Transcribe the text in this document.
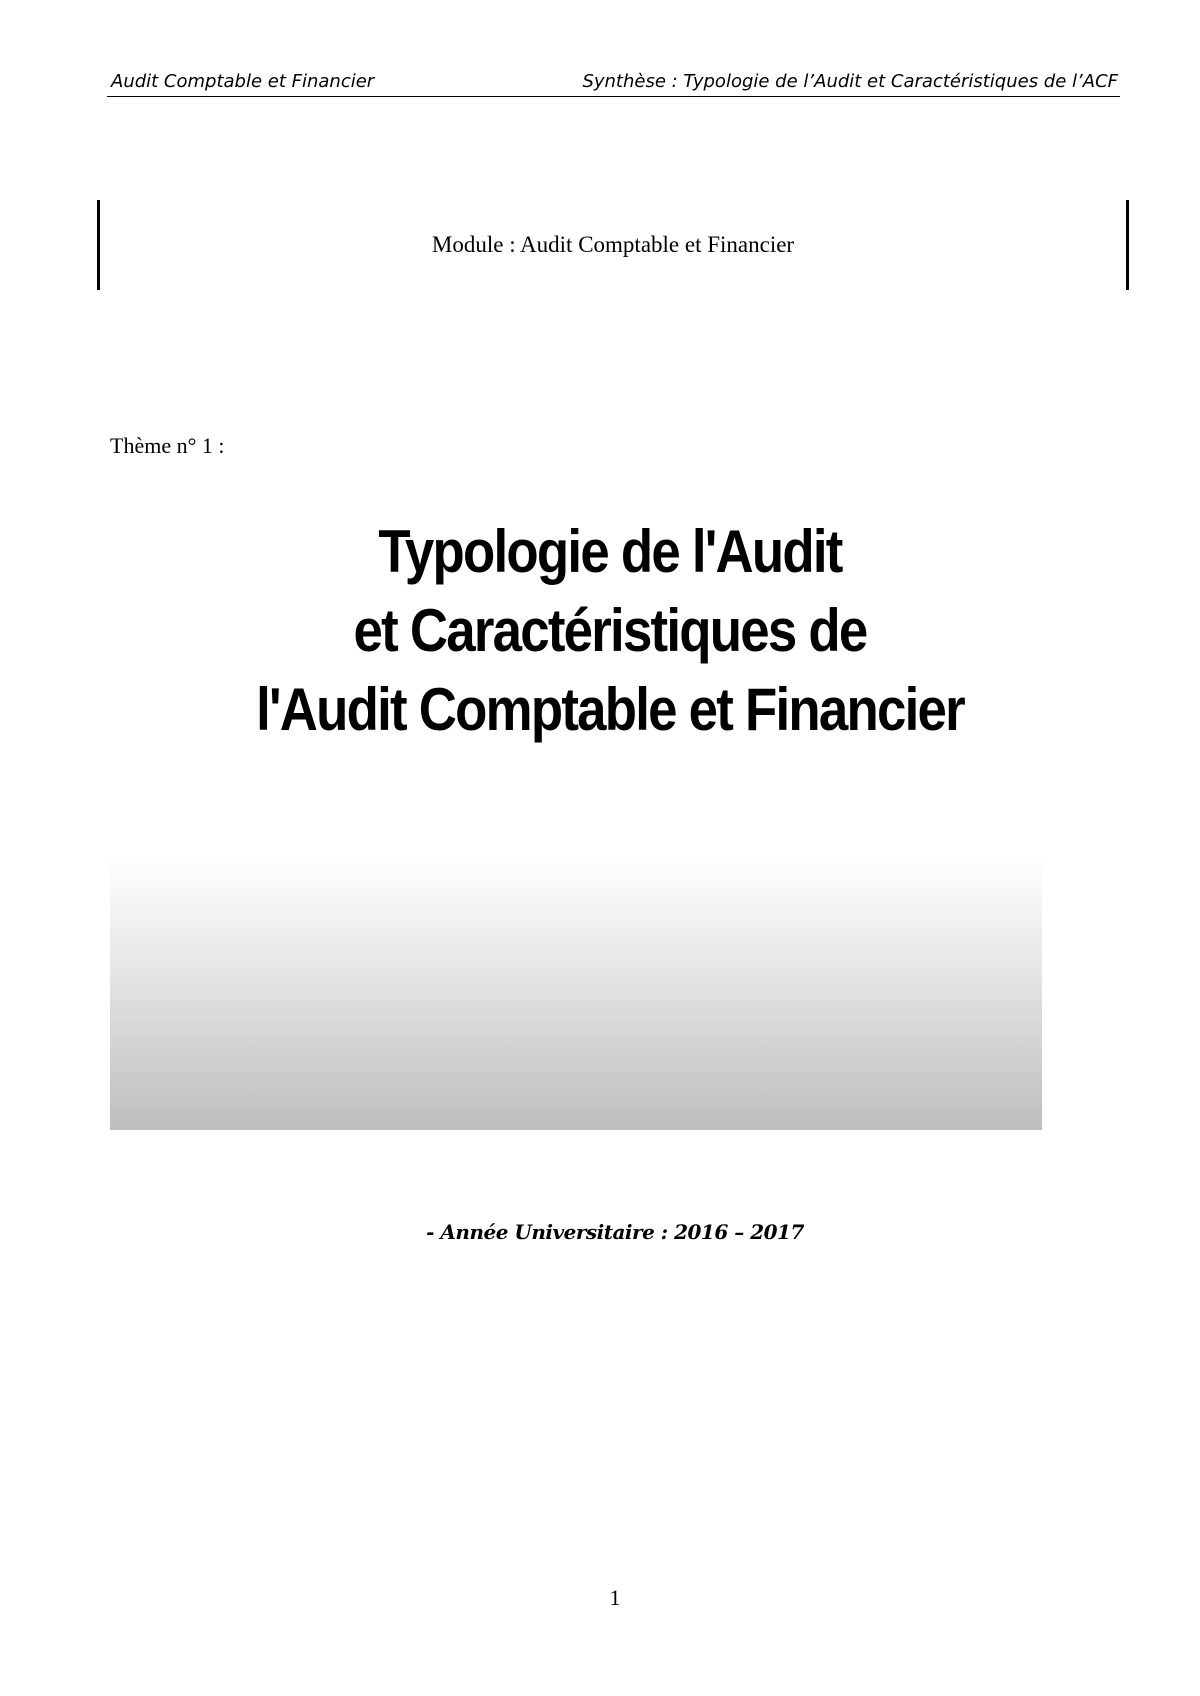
Audit Comptable et Financier	Synthèse : Typologie de l’Audit et Caractéristiques de l’ACF
Module : Audit Comptable et Financier
Thème n° 1 :
Typologie de l'Audit
et Caractéristiques de
l'Audit Comptable et Financier
- Année Universitaire : 2016 – 2017
1
